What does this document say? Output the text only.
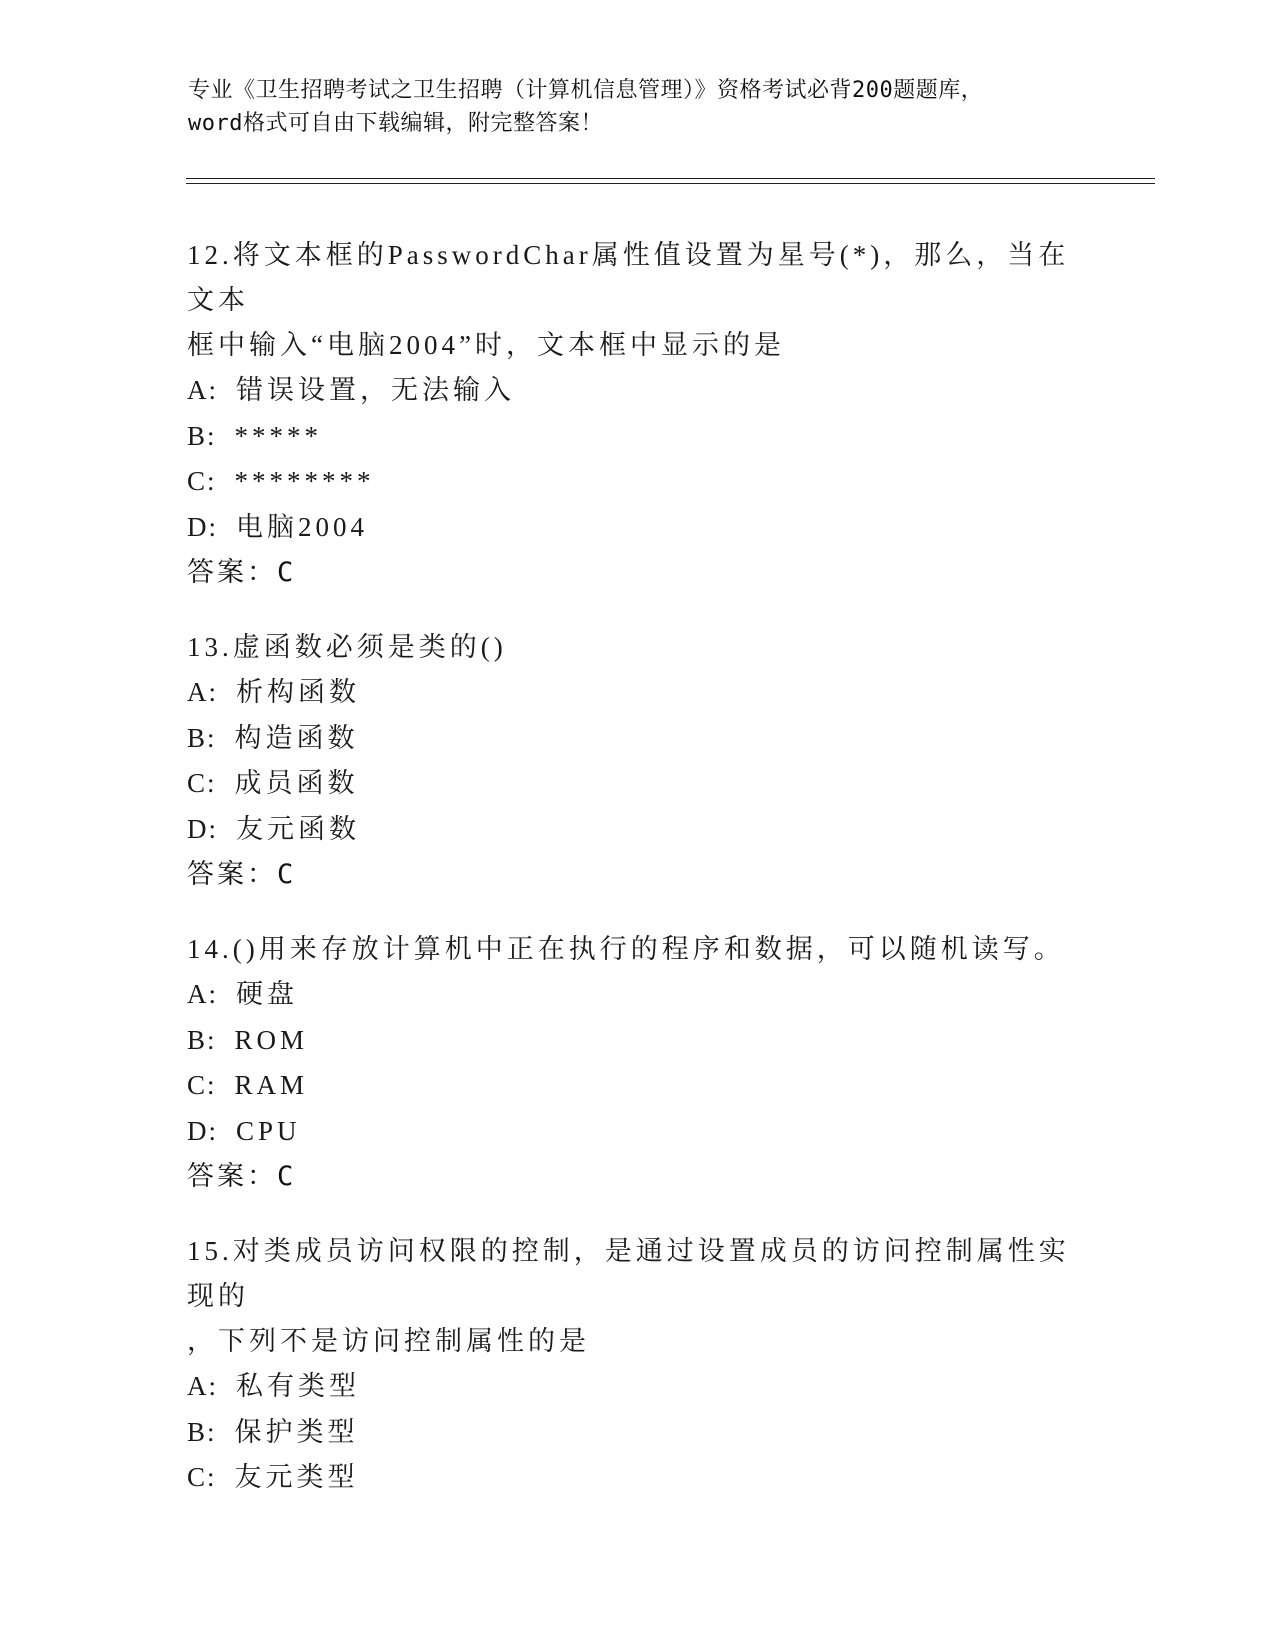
专业《卫生招聘考试之卫生招聘（计算机信息管理）》资格考试必背200题题库，
word格式可自由下载编辑，附完整答案！
12.将文本框的PasswordChar属性值设置为星号(*)，那么，当在文本
框中输入“电脑2004”时，文本框中显示的是
A: 错误设置，无法输入
B: *****
C: ********
D: 电脑2004
答案：C
13.虚函数必须是类的()
A: 析构函数
B: 构造函数
C: 成员函数
D: 友元函数
答案：C
14.()用来存放计算机中正在执行的程序和数据，可以随机读写。
A: 硬盘
B: ROM
C: RAM
D: CPU
答案：C
15.对类成员访问权限的控制，是通过设置成员的访问控制属性实现的
，下列不是访问控制属性的是
A: 私有类型
B: 保护类型
C: 友元类型
